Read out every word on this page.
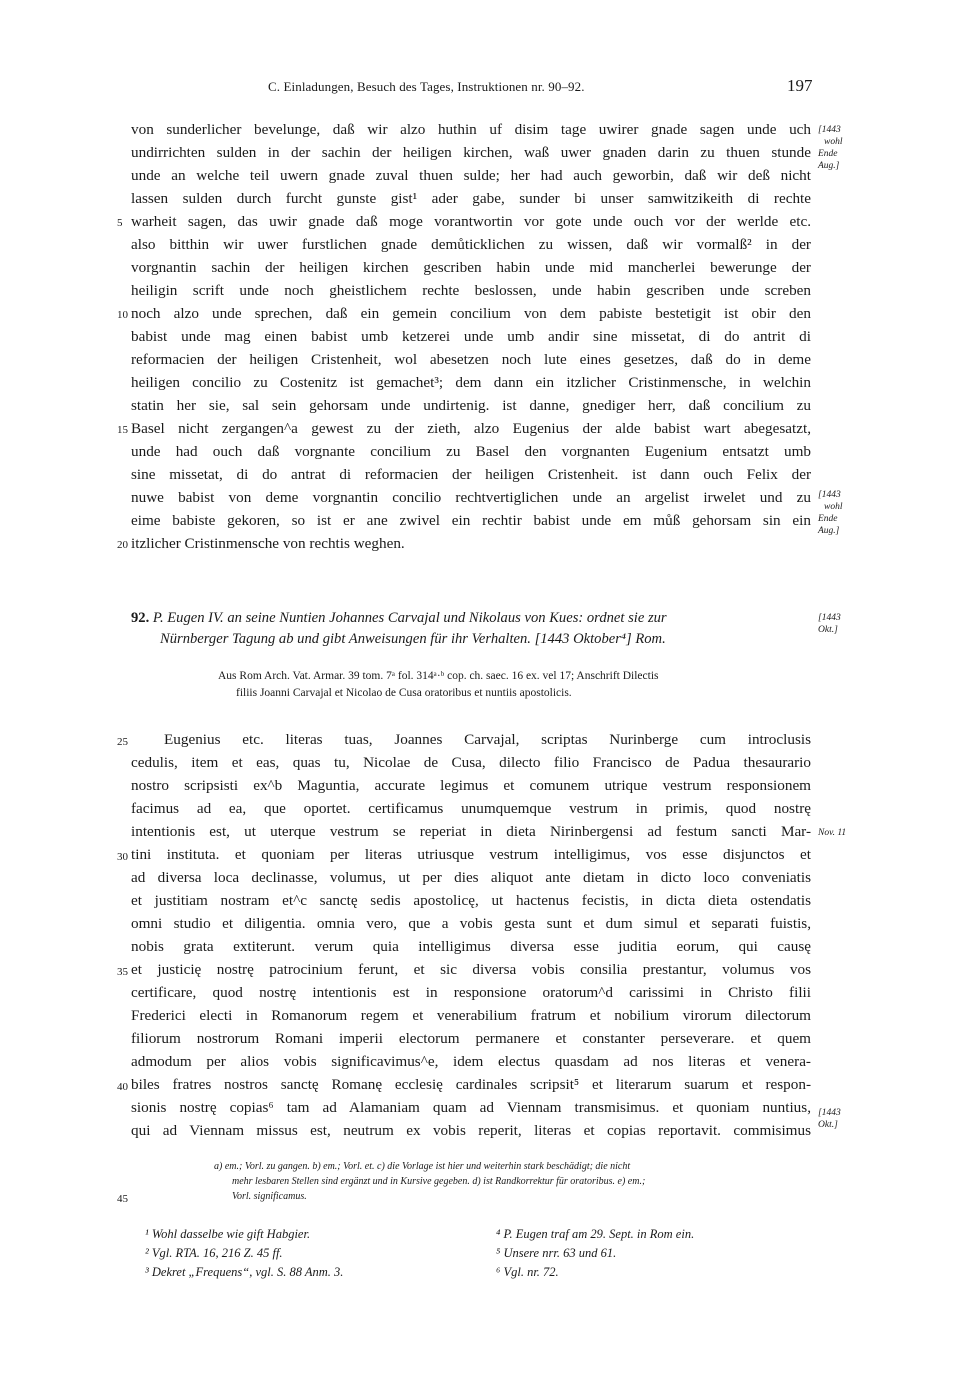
C. Einladungen, Besuch des Tages, Instruktionen nr. 90–92.	197
von sunderlicher bevelunge, daß wir alzo huthin uf disim tage uwirer gnade sagen unde uch
undirrichten sulden in der sachin der heiligen kirchen, waß uwer gnaden darin zu thuen stunde
unde an welche teil uwern gnade zuval thuen sulde; her had auch geworbin, daß wir deß nicht
lassen sulden durch furcht gunste gist¹ ader gabe, sunder bi unser samwitzikeith di rechte
warheit sagen, das uwir gnade daß moge vorantwortin vor gote unde ouch vor der werlde etc.
also bitthin wir uwer furstlichen gnade demůticklichen zu wissen, daß wir vormalß² in der
vorgnantin sachin der heiligen kirchen gescriben habin unde mid mancherlei bewerunge der
heiligin scrift unde noch gheistlichem rechte beslossen, unde habin gescriben unde screben
noch alzo unde sprechen, daß ein gemein concilium von dem pabiste bestetigit ist obir den
babist unde mag einen babist umb ketzerei unde umb andir sine missetat, di do antrit di
reformacien der heiligen Cristenheit, wol abesetzen noch lute eines gesetzes, daß do in deme
heiligen concilio zu Costenitz ist gemachet³; dem dann ein itzlicher Cristinmensche, in welchin
statin her sie, sal sein gehorsam unde undirtenig. ist danne, gnediger herr, daß concilium zu
Basel nicht zergangen^a gewest zu der zieth, alzo Eugenius der alde babist wart abegesatzt,
unde had ouch daß vorgnante concilium zu Basel den vorgnanten Eugenium entsatzt umb
sine missetat, di do antrat di reformacien der heiligen Cristenheit. ist dann ouch Felix der
nuwe babist von deme vorgnantin concilio rechtvertiglichen unde an argelist irwelet und zu
eime babiste gekoren, so ist er ane zwivel ein rechtir babist unde em můß gehorsam sin ein
itzlicher Cristinmensche von rechtis weghen.
5
10
15
20
[1443
wohl
Ende
Aug.]
[1443
wohl
Ende
Aug.]
92. P. Eugen IV. an seine Nuntien Johannes Carvajal und Nikolaus von Kues: ordnet sie zur
Nürnberger Tagung ab und gibt Anweisungen für ihr Verhalten. [1443 Oktober⁴] Rom.
[1443
Okt.]
Aus Rom Arch. Vat. Armar. 39 tom. 7ᵃ fol. 314ᵃ·ᵇ cop. ch. saec. 16 ex. vel 17; Anschrift Dilectis
filiis Joanni Carvajal et Nicolao de Cusa oratoribus et nuntiis apostolicis.
Eugenius etc. literas tuas, Joannes Carvajal, scriptas Nurinberge cum introclusis
cedulis, item et eas, quas tu, Nicolae de Cusa, dilecto filio Francisco de Padua thesaurario
nostro scripsisti ex^b Maguntia, accurate legimus et comunem utrique vestrum responsionem
facimus ad ea, que oportet. certificamus unumquemque vestrum in primis, quod nostrę
intentionis est, ut uterque vestrum se reperiat in dieta Nirinbergensi ad festum sancti Mar-
tini instituta. et quoniam per literas utriusque vestrum intelligimus, vos esse disjunctos et
ad diversa loca declinasse, volumus, ut per dies aliquot ante dietam in dicto loco conveniatis
et justitiam nostram et^c sanctę sedis apostolicę, ut hactenus fecistis, in dicta dieta ostendatis
omni studio et diligentia. omnia vero, que a vobis gesta sunt et dum simul et separati fuistis,
nobis grata extiterunt. verum quia intelligimus diversa esse juditia eorum, qui causę
et justicię nostrę patrocinium ferunt, et sic diversa vobis consilia prestantur, volumus vos
certificare, quod nostrę intentionis est in responsione oratorum^d carissimi in Christo filii
Frederici electi in Romanorum regem et venerabilium fratrum et nobilium virorum dilectorum
filiorum nostrorum Romani imperii electorum permanere et constanter perseverare. et quem
admodum per alios vobis significavimus^e, idem electus quasdam ad nos literas et venera-
biles fratres nostros sanctę Romanę ecclesię cardinales scripsit⁵ et literarum suarum et respon-
sionis nostrę copias⁶ tam ad Alamaniam quam ad Viennam transmisimus. et quoniam nuntius,
qui ad Viennam missus est, neutrum ex vobis reperit, literas et copias reportavit. commisimus
25
30
35
40
45
Nov. 11
[1443
Okt.]
a) em.; Vorl. zu gangen. b) em.; Vorl. et. c) die Vorlage ist hier und weiterhin stark beschädigt; die nicht
mehr lesbaren Stellen sind ergänzt und in Kursive gegeben. d) ist Randkorrektur für oratoribus. e) em.;
Vorl. significamus.
¹ Wohl dasselbe wie gift Habgier.
² Vgl. RTA. 16, 216 Z. 45 ff.
³ Dekret „Frequens“, vgl. S. 88 Anm. 3.
⁴ P. Eugen traf am 29. Sept. in Rom ein.
⁵ Unsere nrr. 63 und 61.
⁶ Vgl. nr. 72.
